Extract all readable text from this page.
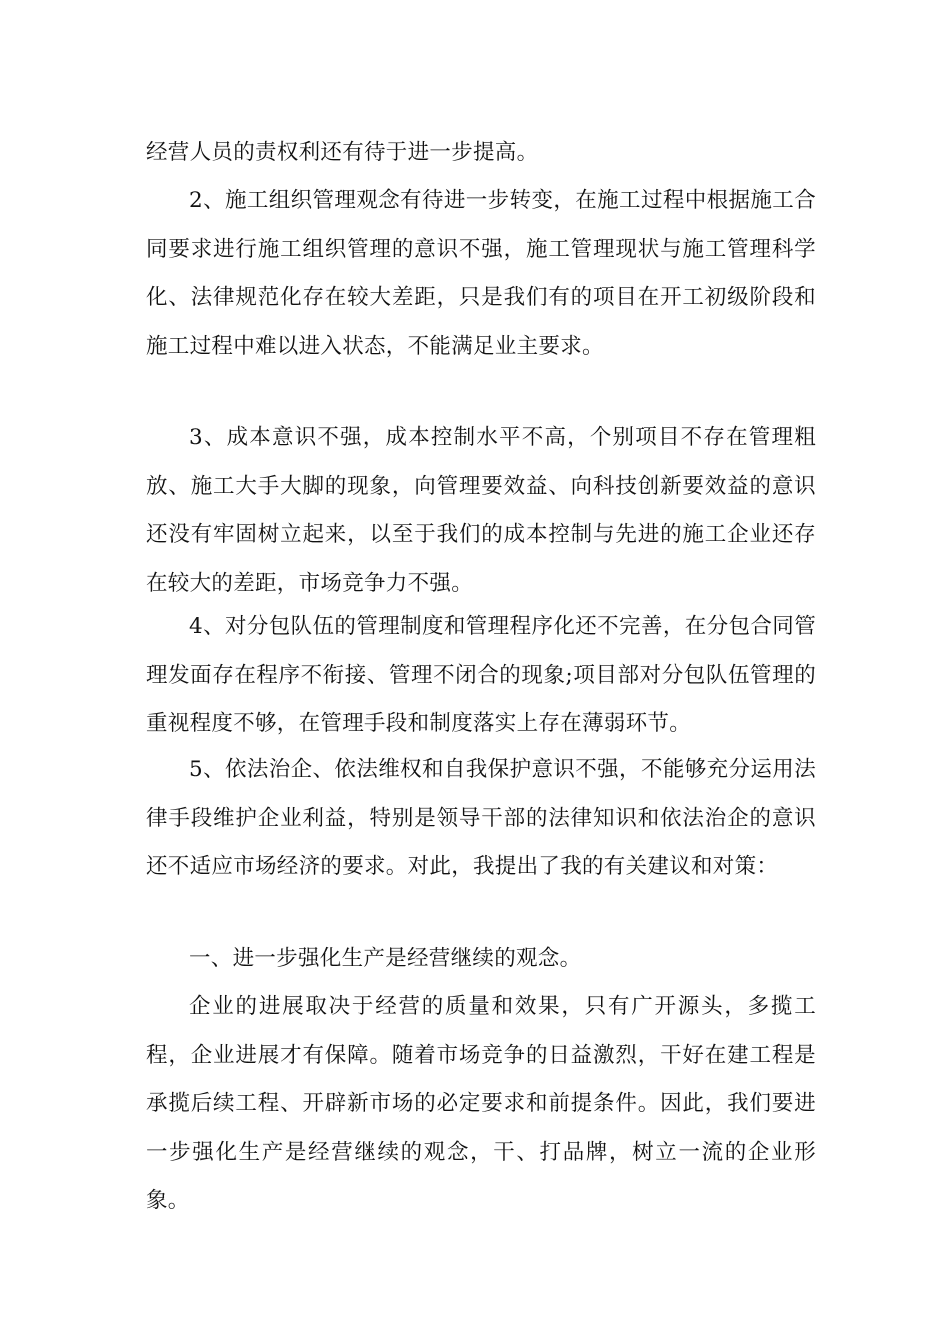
经营人员的责权利还有待于进一步提高。

2、施工组织管理观念有待进一步转变，在施工过程中根据施工合同要求进行施工组织管理的意识不强，施工管理现状与施工管理科学化、法律规范化存在较大差距，只是我们有的项目在开工初级阶段和施工过程中难以进入状态，不能满足业主要求。

3、成本意识不强，成本控制水平不高，个别项目不存在管理粗放、施工大手大脚的现象，向管理要效益、向科技创新要效益的意识还没有牢固树立起来，以至于我们的成本控制与先进的施工企业还存在较大的差距，市场竞争力不强。

4、对分包队伍的管理制度和管理程序化还不完善，在分包合同管理发面存在程序不衔接、管理不闭合的现象;项目部对分包队伍管理的重视程度不够，在管理手段和制度落实上存在薄弱环节。

5、依法治企、依法维权和自我保护意识不强，不能够充分运用法律手段维护企业利益，特别是领导干部的法律知识和依法治企的意识还不适应市场经济的要求。对此，我提出了我的有关建议和对策：

一、进一步强化生产是经营继续的观念。

企业的进展取决于经营的质量和效果，只有广开源头，多揽工程，企业进展才有保障。随着市场竞争的日益激烈，干好在建工程是承揽后续工程、开辟新市场的必定要求和前提条件。因此，我们要进一步强化生产是经营继续的观念，干、打品牌，树立一流的企业形象。
